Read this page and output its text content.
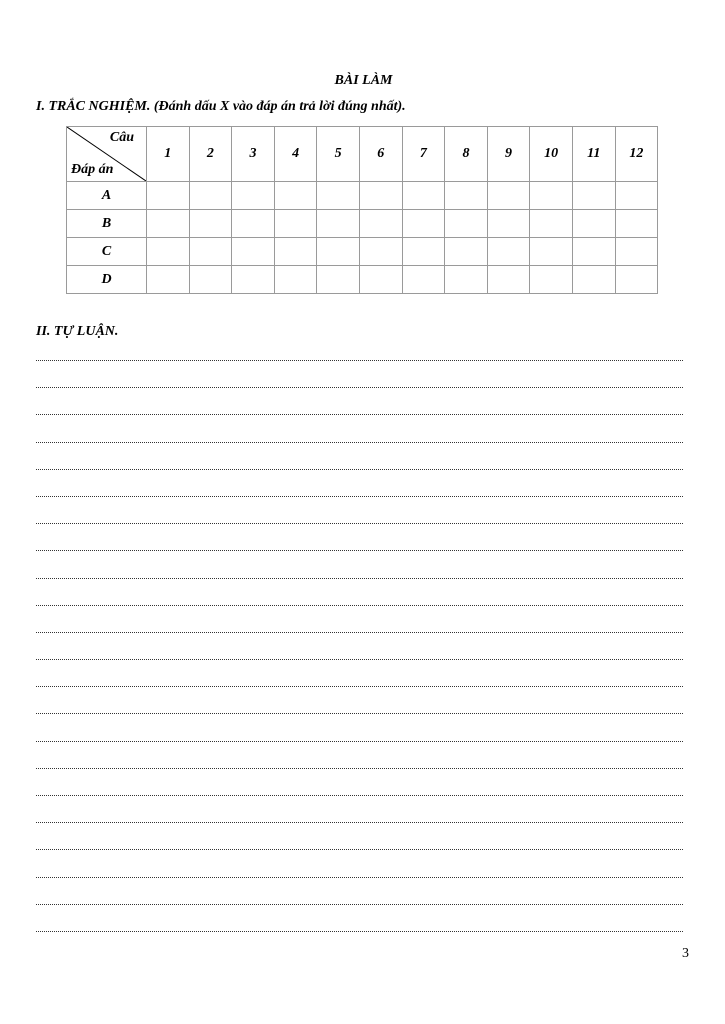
BÀI LÀM
I. TRẮC NGHIỆM. (Đánh dấu X vào đáp án trả lời đúng nhất).
Câu
Đáp án	1	2	3	4	5	6	7	8	9	10	11	12
A												
B												
C												
D												
II. TỰ LUẬN.
3
